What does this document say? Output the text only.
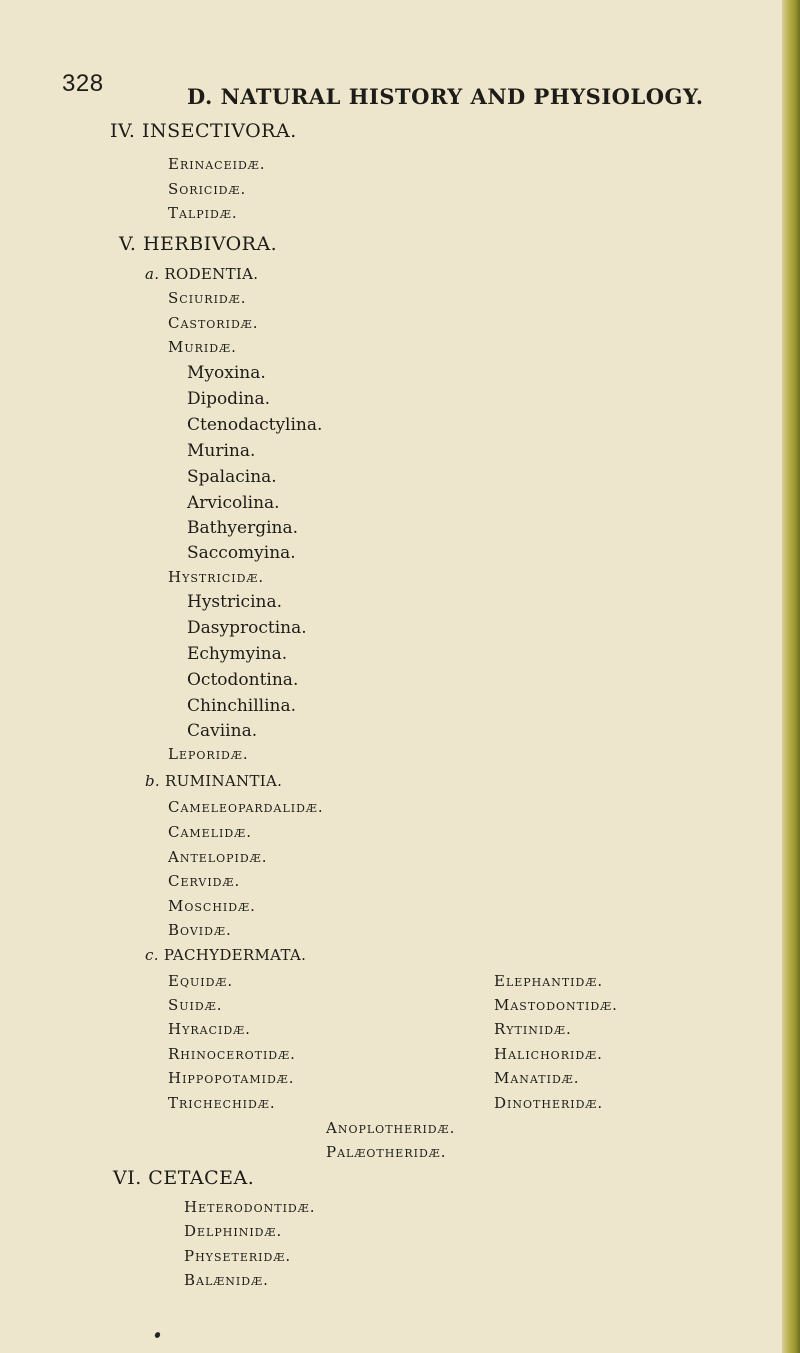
328	D. NATURAL HISTORY AND PHYSIOLOGY.
IV. INSECTIVORA.
Erinaceidæ.
Soricidæ.
Talpidæ.
V. HERBIVORA.
a. RODENTIA.
Sciuridæ.
Castoridæ.
Muridæ.
Myoxina.
Dipodina.
Ctenodactylina.
Murina.
Spalacina.
Arvicolina.
Bathyergina.
Saccomyina.
Hystricidæ.
Hystricina.
Dasyproctina.
Echymyina.
Octodontina.
Chinchillina.
Caviina.
Leporidæ.
b. RUMINANTIA.
Cameleopardalidæ.
Camelidæ.
Antelopidæ.
Cervidæ.
Moschidæ.
Bovidæ.
c. PACHYDERMATA.
Equidæ.	Elephantidæ.
Suidæ.	Mastodontidæ.
Hyracidæ.	Rytinidæ.
Rhinocerotidæ.	Halichoridæ.
Hippopotamidæ.	Manatidæ.
Trichechidæ.	Dinotheridæ.
Anoplotheridæ.
Palæotheridæ.
VI. CETACEA.
Heterodontidæ.
Delphinidæ.
Physeteridæ.
Balænidæ.
